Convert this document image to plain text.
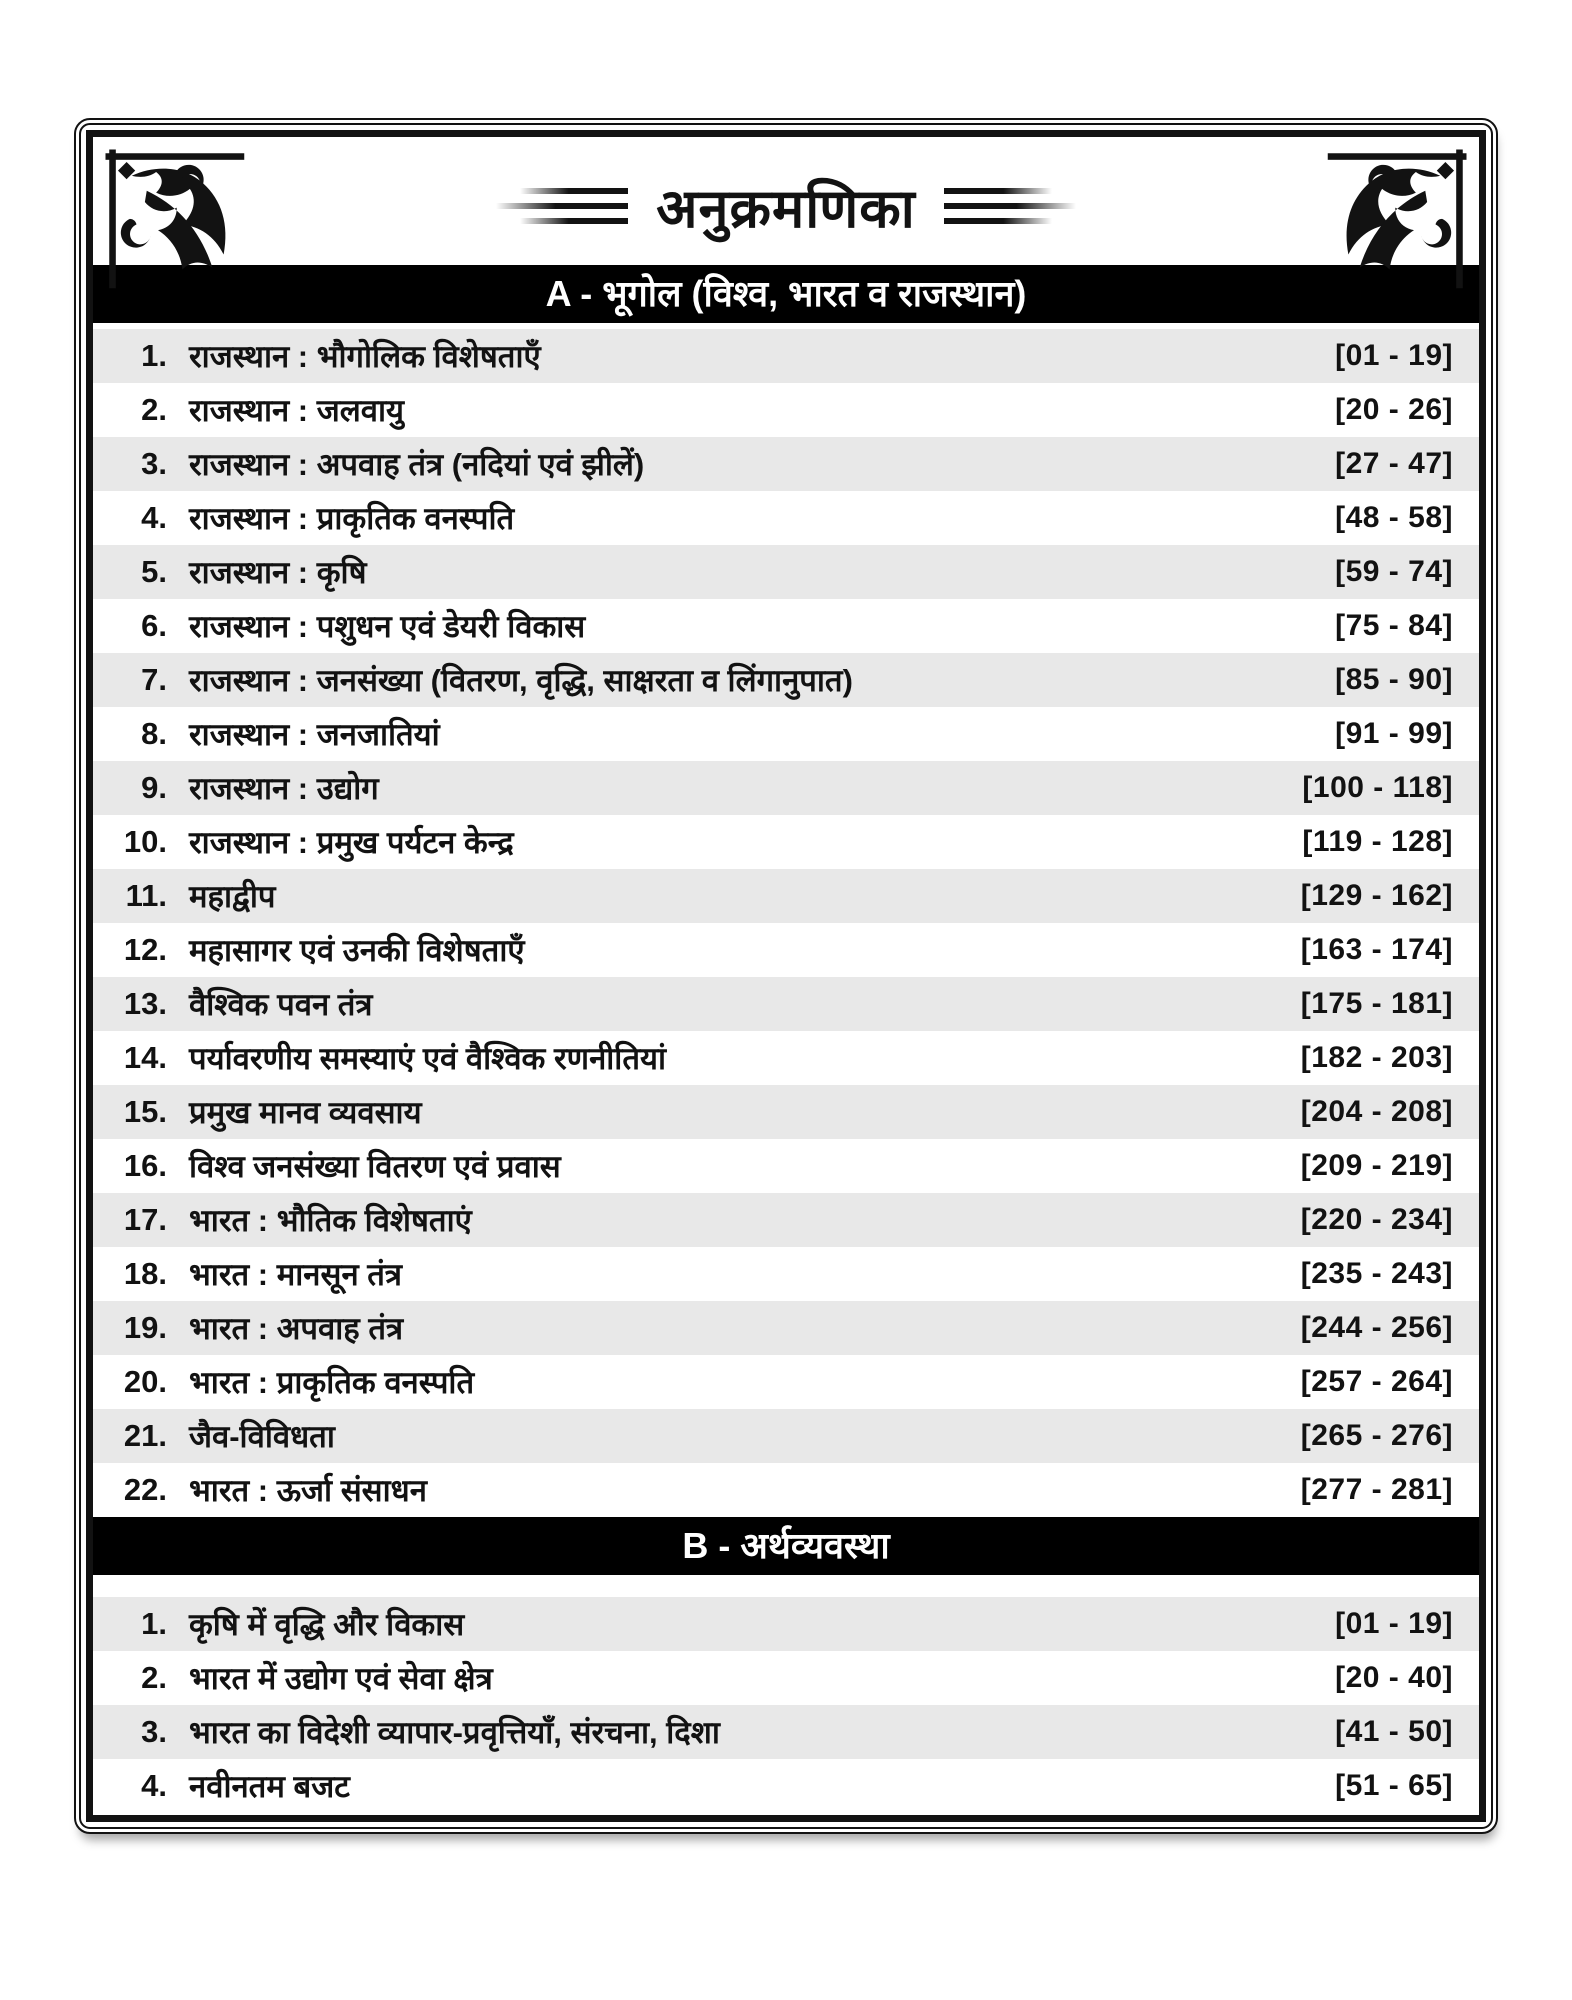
अनुक्रमणिका
A - भूगोल (विश्व, भारत व राजस्थान)
1. राजस्थान : भौगोलिक विशेषताएँ	[01 - 19]
2. राजस्थान : जलवायु	[20 - 26]
3. राजस्थान : अपवाह तंत्र (नदियां एवं झीलें)	[27 - 47]
4. राजस्थान : प्राकृतिक वनस्पति	[48 - 58]
5. राजस्थान : कृषि	[59 - 74]
6. राजस्थान : पशुधन एवं डेयरी विकास	[75 - 84]
7. राजस्थान : जनसंख्या (वितरण, वृद्धि, साक्षरता व लिंगानुपात)	[85 - 90]
8. राजस्थान : जनजातियां	[91 - 99]
9. राजस्थान : उद्योग	[100 - 118]
10. राजस्थान : प्रमुख पर्यटन केन्द्र	[119 - 128]
11. महाद्वीप	[129 - 162]
12. महासागर एवं उनकी विशेषताएँ	[163 - 174]
13. वैश्विक पवन तंत्र	[175 - 181]
14. पर्यावरणीय समस्याएं एवं वैश्विक रणनीतियां	[182 - 203]
15. प्रमुख मानव व्यवसाय	[204 - 208]
16. विश्व जनसंख्या वितरण एवं प्रवास	[209 - 219]
17. भारत : भौतिक विशेषताएं	[220 - 234]
18. भारत : मानसून तंत्र	[235 - 243]
19. भारत : अपवाह तंत्र	[244 - 256]
20. भारत : प्राकृतिक वनस्पति	[257 - 264]
21. जैव-विविधता	[265 - 276]
22. भारत : ऊर्जा संसाधन	[277 - 281]
B - अर्थव्यवस्था
1. कृषि में वृद्धि और विकास	[01 - 19]
2. भारत में उद्योग एवं सेवा क्षेत्र	[20 - 40]
3. भारत का विदेशी व्यापार-प्रवृत्तियाँ, संरचना, दिशा	[41 - 50]
4. नवीनतम बजट	[51 - 65]
